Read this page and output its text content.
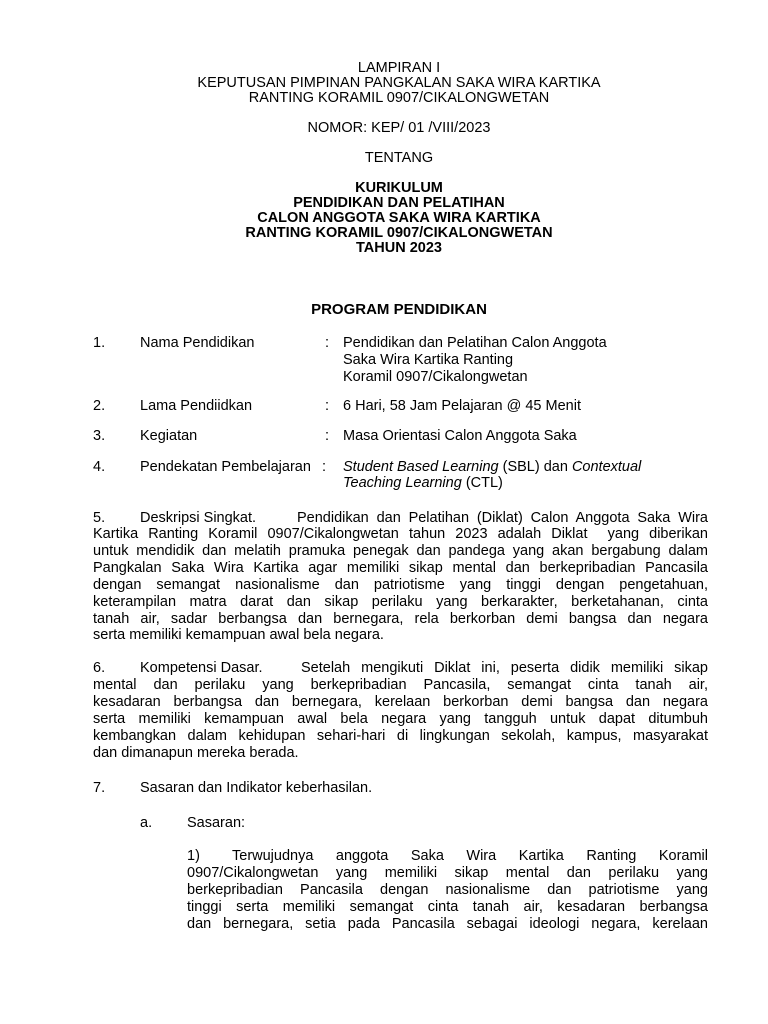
LAMPIRAN I
KEPUTUSAN PIMPINAN PANGKALAN SAKA WIRA KARTIKA
RANTING KORAMIL 0907/CIKALONGWETAN
NOMOR: KEP/ 01 /VIII/2023
TENTANG
KURIKULUM
PENDIDIKAN DAN PELATIHAN
CALON ANGGOTA SAKA WIRA KARTIKA
RANTING KORAMIL 0907/CIKALONGWETAN
TAHUN 2023
PROGRAM PENDIDIKAN
1. Nama Pendidikan	: Pendidikan dan Pelatihan Calon Anggota
Saka Wira Kartika Ranting
Koramil 0907/Cikalongwetan
2. Lama Pendiidkan	: 6 Hari, 58 Jam Pelajaran @ 45 Menit
3. Kegiatan	: Masa Orientasi Calon Anggota Saka
4. Pendekatan Pembelajaran : Student Based Learning (SBL) dan Contextual
Teaching Learning (CTL)
5. Deskripsi Singkat.	Pendidikan dan Pelatihan (Diklat) Calon Anggota Saka Wira
Kartika Ranting Koramil 0907/Cikalongwetan tahun 2023 adalah Diklat  yang diberikan
untuk mendidik dan melatih pramuka penegak dan pandega yang akan bergabung dalam
Pangkalan Saka Wira Kartika agar memiliki sikap mental dan berkepribadian Pancasila
dengan semangat nasionalisme dan patriotisme yang tinggi dengan pengetahuan,
keterampilan matra darat dan sikap perilaku yang berkarakter, berketahanan, cinta
tanah air, sadar berbangsa dan bernegara, rela berkorban demi bangsa dan negara
serta memiliki kemampuan awal bela negara.
6. Kompetensi Dasar.	Setelah mengikuti Diklat ini, peserta didik memiliki sikap
mental dan perilaku yang berkepribadian Pancasila, semangat cinta tanah air,
kesadaran berbangsa dan bernegara, kerelaan berkorban demi bangsa dan negara
serta memiliki kemampuan awal bela negara yang tangguh untuk dapat ditumbuh
kembangkan dalam kehidupan sehari-hari di lingkungan sekolah, kampus, masyarakat
dan dimanapun mereka berada.
7. Sasaran dan Indikator keberhasilan.
a. Sasaran:
1) Terwujudnya anggota Saka Wira Kartika Ranting Koramil
0907/Cikalongwetan yang memiliki sikap mental dan perilaku yang
berkepribadian Pancasila dengan nasionalisme dan patriotisme yang
tinggi serta memiliki semangat cinta tanah air, kesadaran berbangsa
dan bernegara, setia pada Pancasila sebagai ideologi negara, kerelaan
